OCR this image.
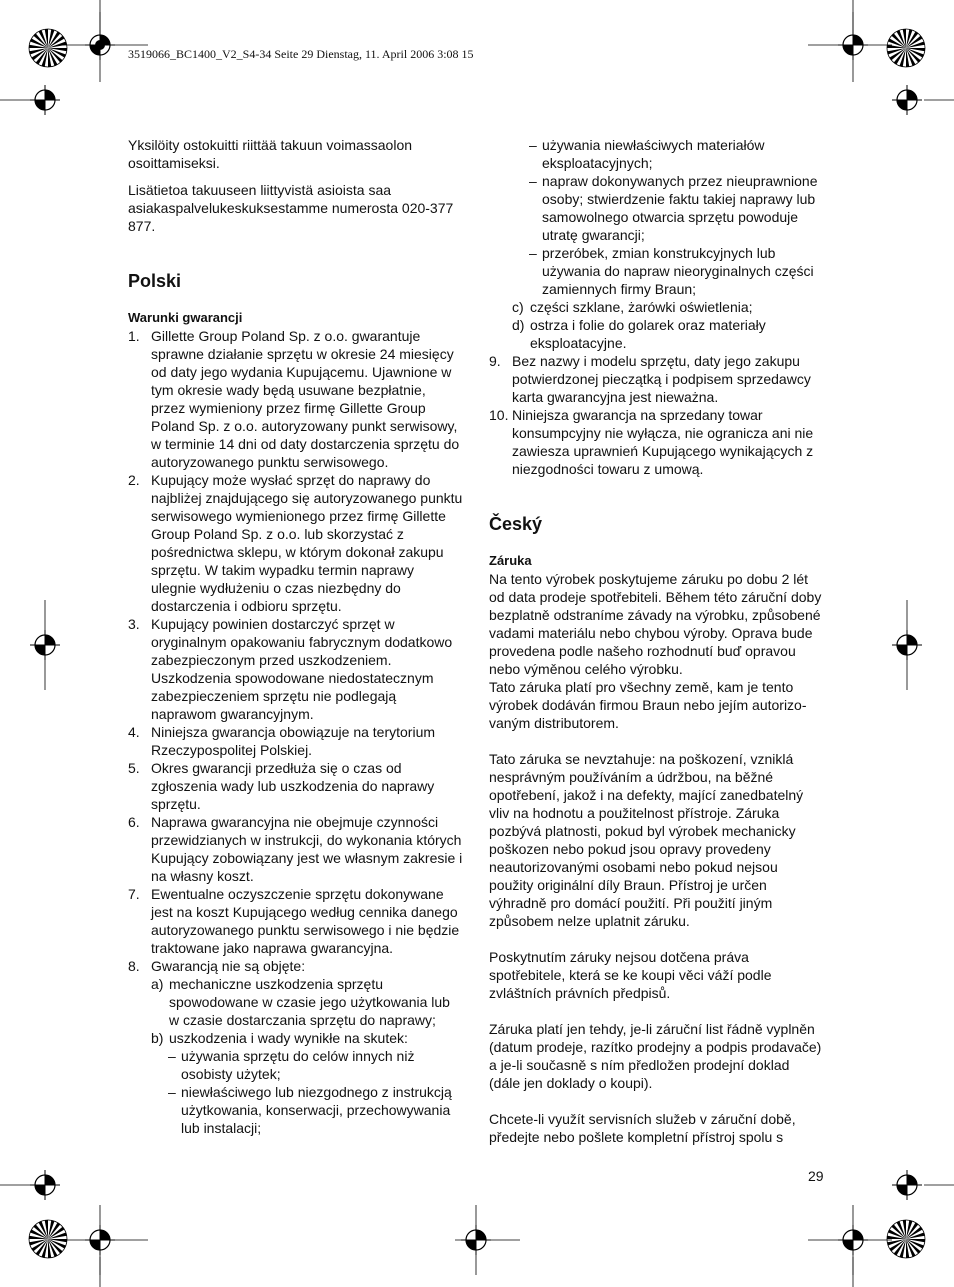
3519066_BC1400_V2_S4-34 Seite 29 Dienstag, 11. April 2006 3:08 15

Yksilöity ostokuitti riittää takuun voimassaolon osoittamiseksi.

Lisätietoa takuuseen liittyvistä asioista saa asiakaspalvelukeskuksestamme numerosta 020-377 877.

Polski
Warunki gwarancji
1. Gillette Group Poland Sp. z o.o. gwarantuje sprawne działanie sprzętu w okresie 24 miesięcy od daty jego wydania Kupującemu. Ujawnione w tym okresie wady będą usuwane bezpłatnie, przez wymieniony przez firmę Gillette Group Poland Sp. z o.o. autoryzowany punkt serwisowy, w terminie 14 dni od daty dostarczenia sprzętu do autoryzowanego punktu serwisowego.
2. Kupujący może wysłać sprzęt do naprawy do najbliżej znajdującego się autoryzowanego punktu serwisowego wymienionego przez firmę Gillette Group Poland Sp. z o.o. lub skorzystać z pośrednictwa sklepu, w którym dokonał zakupu sprzętu. W takim wypadku termin naprawy ulegnie wydłużeniu o czas niezbędny do dostarczenia i odbioru sprzętu.
3. Kupujący powinien dostarczyć sprzęt w oryginalnym opakowaniu fabrycznym dodatkowo zabezpieczonym przed uszkodzeniem. Uszkodzenia spowodowane niedostatecznym zabezpieczeniem sprzętu nie podlegają naprawom gwarancyjnym.
4. Niniejsza gwarancja obowiązuje na terytorium Rzeczypospolitej Polskiej.
5. Okres gwarancji przedłuża się o czas od zgłoszenia wady lub uszkodzenia do naprawy sprzętu.
6. Naprawa gwarancyjna nie obejmuje czynności przewidzianych w instrukcji, do wykonania których Kupujący zobowiązany jest we własnym zakresie i na własny koszt.
7. Ewentualne oczyszczenie sprzętu dokonywane jest na koszt Kupującego według cennika danego autoryzowanego punktu serwisowego i nie będzie traktowane jako naprawa gwarancyjna.
8. Gwarancją nie są objęte:
a) mechaniczne uszkodzenia sprzętu spowodowane w czasie jego użytkowania lub w czasie dostarczania sprzętu do naprawy;
b) uszkodzenia i wady wynikłe na skutek:
– używania sprzętu do celów innych niż osobisty użytek;
– niewłaściwego lub niezgodnego z instrukcją użytkowania, konserwacji, przechowywania lub instalacji;
– używania niewłaściwych materiałów eksploatacyjnych;
– napraw dokonywanych przez nieuprawnione osoby; stwierdzenie faktu takiej naprawy lub samowolnego otwarcia sprzętu powoduje utratę gwarancji;
– przeróbek, zmian konstrukcyjnych lub używania do napraw nieoryginalnych części zamiennych firmy Braun;
c) części szklane, żarówki oświetlenia;
d) ostrza i folie do golarek oraz materiały eksploatacyjne.
9. Bez nazwy i modelu sprzętu, daty jego zakupu potwierdzonej pieczątką i podpisem sprzedawcy karta gwarancyjna jest nieważna.
10. Niniejsza gwarancja na sprzedany towar konsumpcyjny nie wyłącza, nie ogranicza ani nie zawiesza uprawnień Kupującego wynikających z niezgodności towaru z umową.
Český
Záruka

Na tento výrobek poskytujeme záruku po dobu 2 lét od data prodeje spotřebiteli. Během této záruční doby bezplatně odstraníme závady na výrobku, způsobené vadami materiálu nebo chybou výroby. Oprava bude provedena podle našeho rozhodnutí buď opravou nebo výměnou celého výrobku.

Tato záruka platí pro všechny země, kam je tento výrobek dodáván firmou Braun nebo jejím autorizo-vaným distributorem.

Tato záruka se nevztahuje: na poškození, vzniklá nesprávným používáním a údržbou, na běžné opotřebení, jakož i na defekty, mající zanedbatelný vliv na hodnotu a použitelnost přístroje. Záruka pozbývá platnosti, pokud byl výrobek mechanicky poškozen nebo pokud jsou opravy provedeny neautorizovanými osobami nebo pokud nejsou použity originální díly Braun. Přístroj je určen výhradně pro domácí použití. Při použití jiným způsobem nelze uplatnit záruku.

Poskytnutím záruky nejsou dotčena práva spotřebitele, která se ke koupi věci váží podle zvláštních právních předpisů.

Záruka platí jen tehdy, je-li záruční list řádně vyplněn (datum prodeje, razítko prodejny a podpis prodavače) a je-li současně s ním předložen prodejní doklad (dále jen doklady o koupi).

Chcete-li využít servisních služeb v záruční době, předejte nebo pošlete kompletní přístroj spolu s

29
